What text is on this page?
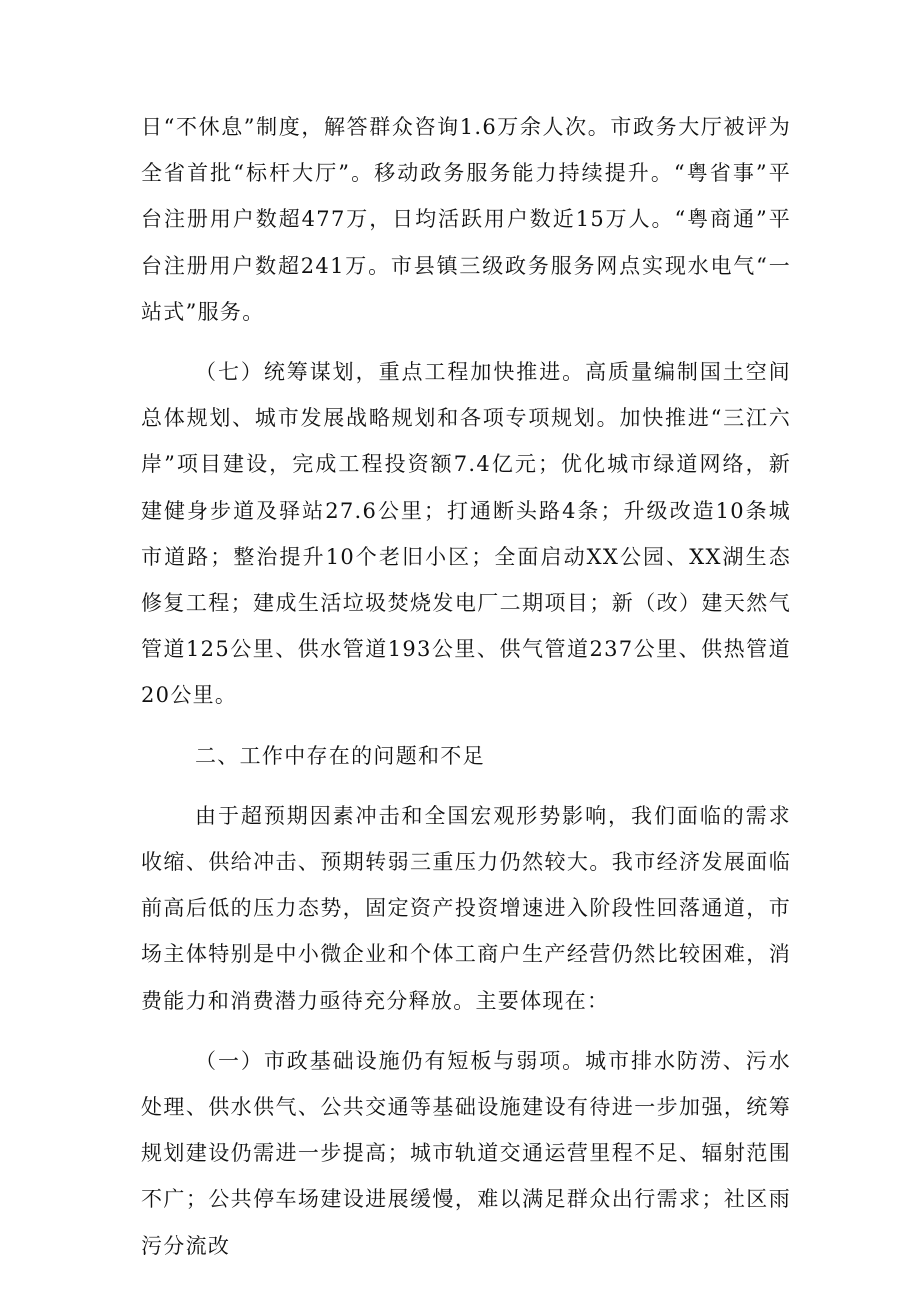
日“不休息”制度，解答群众咨询1.6万余人次。市政务大厅被评为全省首批“标杆大厅”。移动政务服务能力持续提升。“粤省事”平台注册用户数超477万，日均活跃用户数近15万人。“粤商通”平台注册用户数超241万。市县镇三级政务服务网点实现水电气“一站式”服务。

（七）统筹谋划，重点工程加快推进。高质量编制国土空间总体规划、城市发展战略规划和各项专项规划。加快推进“三江六岸”项目建设，完成工程投资额7.4亿元；优化城市绿道网络，新建健身步道及驿站27.6公里；打通断头路4条；升级改造10条城市道路；整治提升10个老旧小区；全面启动XX公园、XX湖生态修复工程；建成生活垃圾焚烧发电厂二期项目；新（改）建天然气管道125公里、供水管道193公里、供气管道237公里、供热管道20公里。

二、工作中存在的问题和不足

由于超预期因素冲击和全国宏观形势影响，我们面临的需求收缩、供给冲击、预期转弱三重压力仍然较大。我市经济发展面临前高后低的压力态势，固定资产投资增速进入阶段性回落通道，市场主体特别是中小微企业和个体工商户生产经营仍然比较困难，消费能力和消费潜力亟待充分释放。主要体现在：

（一）市政基础设施仍有短板与弱项。城市排水防涝、污水处理、供水供气、公共交通等基础设施建设有待进一步加强，统筹规划建设仍需进一步提高；城市轨道交通运营里程不足、辐射范围不广；公共停车场建设进展缓慢，难以满足群众出行需求；社区雨污分流改
